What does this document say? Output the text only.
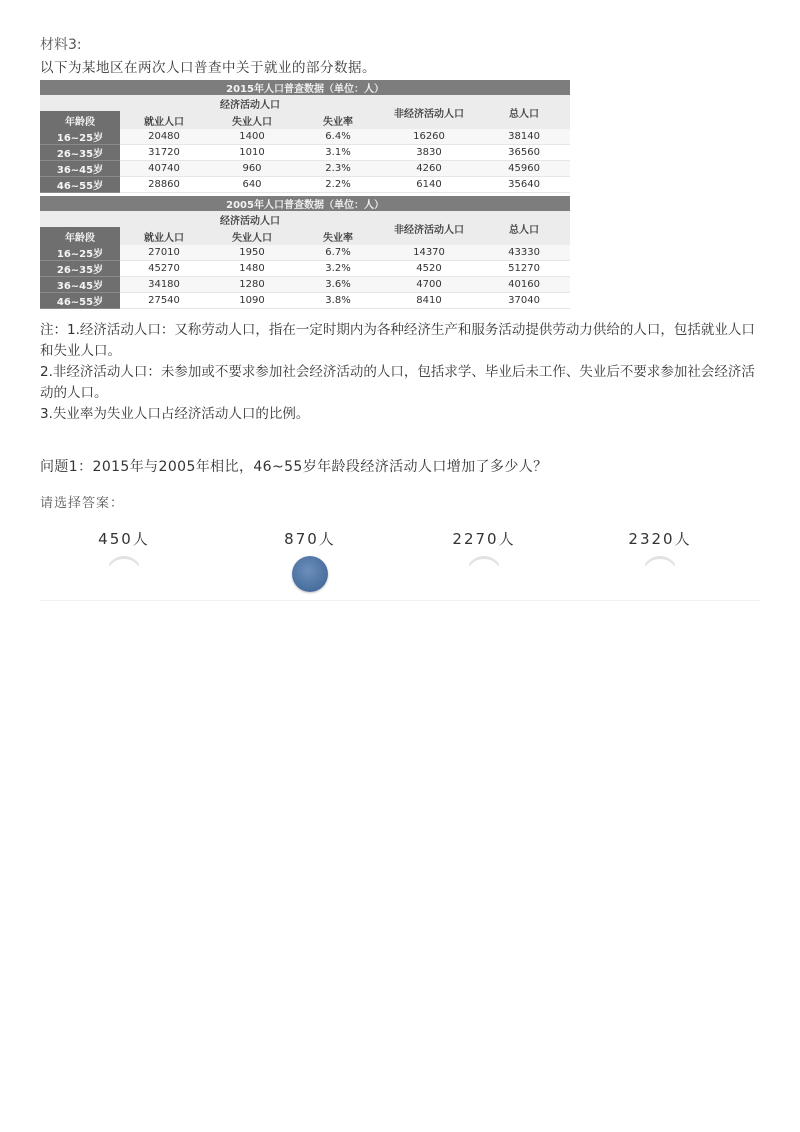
材料3:
以下为某地区在两次人口普查中关于就业的部分数据。
2015年人口普查数据（单位：人）					
	经济活动人口			非经济活动人口	总人口
年龄段	就业人口	失业人口	失业率		
16~25岁	20480	1400	6.4%	16260	38140
26~35岁	31720	1010	3.1%	3830	36560
36~45岁	40740	960	2.3%	4260	45960
46~55岁	28860	640	2.2%	6140	35640
2005年人口普查数据（单位：人）					
	经济活动人口			非经济活动人口	总人口
年龄段	就业人口	失业人口	失业率		
16~25岁	27010	1950	6.7%	14370	43330
26~35岁	45270	1480	3.2%	4520	51270
36~45岁	34180	1280	3.6%	4700	40160
46~55岁	27540	1090	3.8%	8410	37040

注：1.经济活动人口：又称劳动人口，指在一定时期内为各种经济生产和服务活动提供劳动力供给的人口，包括就业人口和失业人口。

2.非经济活动人口：未参加或不要求参加社会经济活动的人口，包括求学、毕业后未工作、失业后不要求参加社会经济活动的人口。

3.失业率为失业人口占经济活动人口的比例。

问题1：2015年与2005年相比，46~55岁年龄段经济活动人口增加了多少人？
请选择答案：
450人	870人	2270人	2320人
